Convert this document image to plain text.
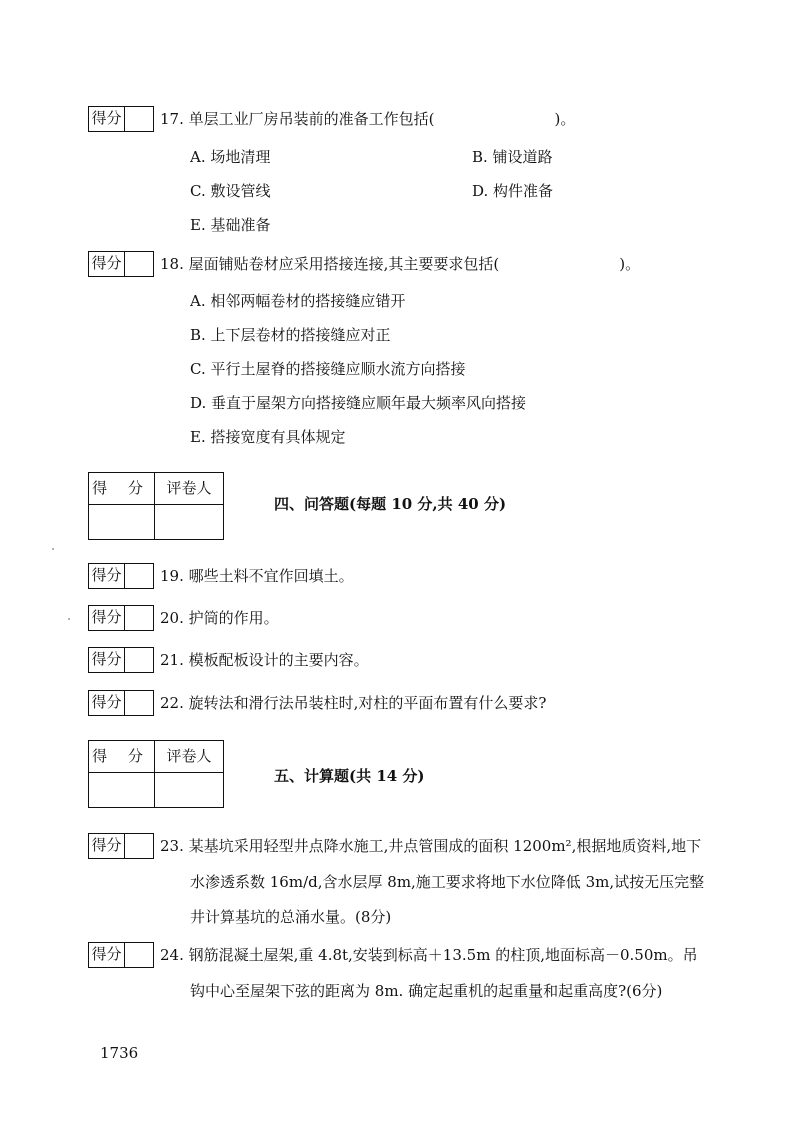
得分	17. 单层工业厂房吊装前的准备工作包括(　　　　　　　　)。
A. 场地清理	B. 铺设道路
C. 敷设管线	D. 构件准备
E. 基础准备
得分	18. 屋面铺贴卷材应采用搭接连接,其主要要求包括(　　　　　　　　)。
A. 相邻两幅卷材的搭接缝应错开
B. 上下层卷材的搭接缝应对正
C. 平行土屋脊的搭接缝应顺水流方向搭接
D. 垂直于屋架方向搭接缝应顺年最大频率风向搭接
E. 搭接宽度有具体规定
得 分	评卷人
四、问答题(每题 10 分,共 40 分)
得分	19. 哪些土料不宜作回填土。
得分	20. 护筒的作用。
得分	21. 模板配板设计的主要内容。
得分	22. 旋转法和滑行法吊装柱时,对柱的平面布置有什么要求?
得 分	评卷人
五、计算题(共 14 分)
得分	23. 某基坑采用轻型井点降水施工,井点管围成的面积 1200m²,根据地质资料,地下
水渗透系数 16m/d,含水层厚 8m,施工要求将地下水位降低 3m,试按无压完整
井计算基坑的总涌水量。(8分)
得分	24. 钢筋混凝土屋架,重 4.8t,安装到标高＋13.5m 的柱顶,地面标高－0.50m。吊
钩中心至屋架下弦的距离为 8m. 确定起重机的起重量和起重高度?(6分)
1736
